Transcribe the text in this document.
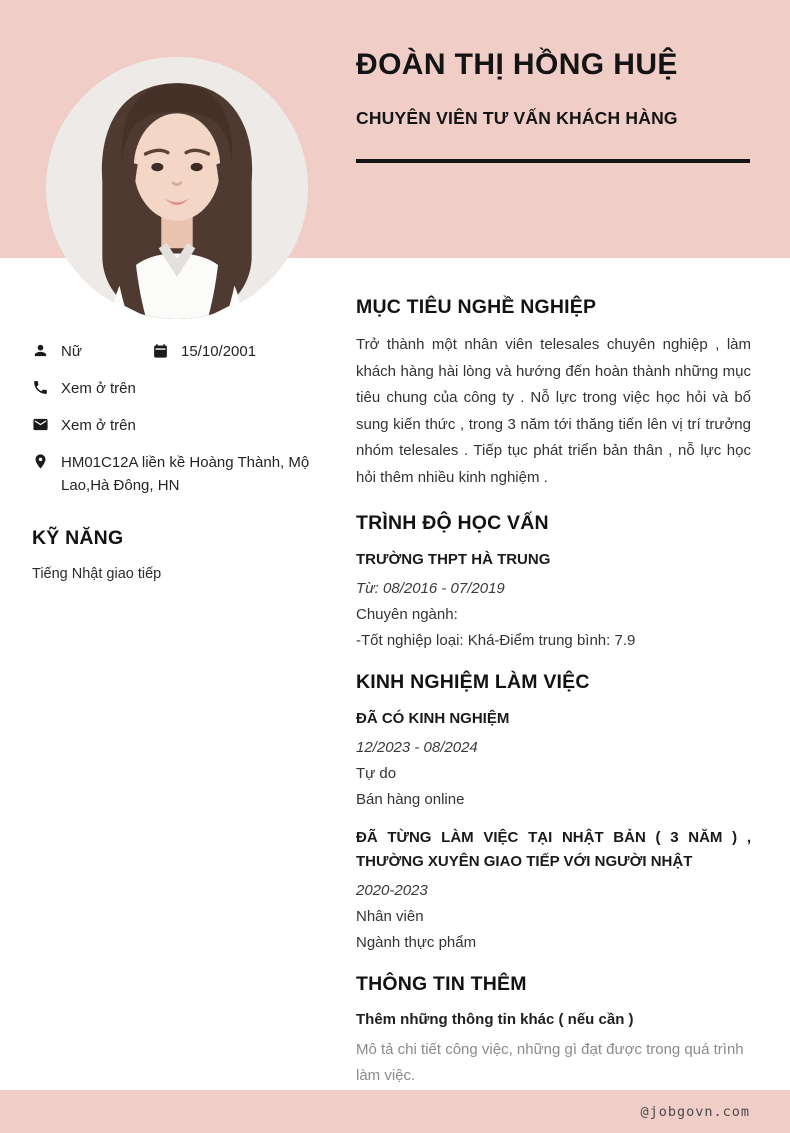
ĐOÀN THỊ HỒNG HUỆ
CHUYÊN VIÊN TƯ VẤN KHÁCH HÀNG
Nữ	15/10/2001
Xem ở trên
Xem ở trên
HM01C12A liền kề Hoàng Thành, Mộ Lao,Hà Đông, HN
KỸ NĂNG

Tiếng Nhật giao tiếp

MỤC TIÊU NGHỀ NGHIỆP

Trở thành một nhân viên telesales chuyên nghiệp , làm khách hàng hài lòng và hướng đến hoàn thành những mục tiêu chung của công ty . Nỗ lực trong việc học hỏi và bổ sung kiến thức , trong 3 năm tới thăng tiến lên vị trí trưởng nhóm telesales . Tiếp tục phát triển bản thân , nỗ lực học hỏi thêm nhiều kinh nghiệm .

TRÌNH ĐỘ HỌC VẤN

TRƯỜNG THPT HÀ TRUNG

Từ: 08/2016 - 07/2019

Chuyên ngành:

-Tốt nghiệp loại: Khá-Điểm trung bình: 7.9

KINH NGHIỆM LÀM VIỆC

ĐÃ CÓ KINH NGHIỆM

12/2023 - 08/2024

Tự do

Bán hàng online

ĐÃ TỪNG LÀM VIỆC TẠI NHẬT BẢN ( 3 NĂM ) , THƯỜNG XUYÊN GIAO TIẾP VỚI NGƯỜI NHẬT

2020-2023

Nhân viên

Ngành thực phẩm

THÔNG TIN THÊM

Thêm những thông tin khác ( nếu cần )

Mô tả chi tiết công việc, những gì đạt được trong quá trình làm việc.

@jobgovn.com
